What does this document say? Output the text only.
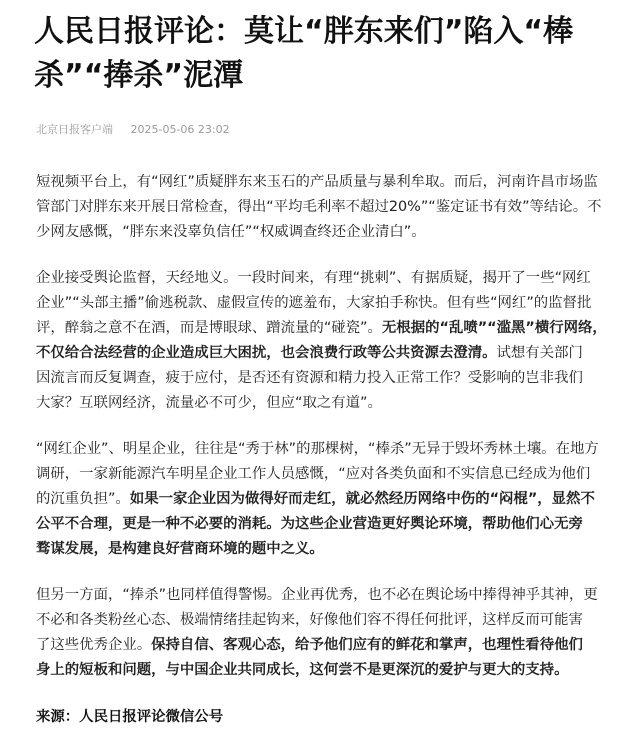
人民日报评论：莫让“胖东来们”陷入“棒
杀”“捧杀”泥潭
北京日报客户端 2025-05-06 23:02
短视频平台上，有“网红”质疑胖东来玉石的产品质量与暴利牟取。而后，河南许昌市场监
管部门对胖东来开展日常检查，得出“平均毛利率不超过20%”“鉴定证书有效”等结论。不
少网友感慨，“胖东来没辜负信任”“权威调查终还企业清白”。
企业接受舆论监督，天经地义。一段时间来，有理“挑刺”、有据质疑，揭开了一些“网红
企业”“头部主播”偷逃税款、虚假宣传的遮羞布，大家拍手称快。但有些“网红”的监督批
评，醉翁之意不在酒，而是博眼球、蹭流量的“碰瓷”。无根据的“乱喷”“滥黑”横行网络，
不仅给合法经营的企业造成巨大困扰，也会浪费行政等公共资源去澄清。试想有关部门
因流言而反复调查，疲于应付，是否还有资源和精力投入正常工作？受影响的岂非我们
大家？互联网经济，流量必不可少，但应“取之有道”。
“网红企业”、明星企业，往往是“秀于林”的那棵树，“棒杀”无异于毁坏秀林土壤。在地方
调研，一家新能源汽车明星企业工作人员感慨，“应对各类负面和不实信息已经成为他们
的沉重负担”。如果一家企业因为做得好而走红，就必然经历网络中伤的“闷棍”，显然不
公平不合理，更是一种不必要的消耗。为这些企业营造更好舆论环境，帮助他们心无旁
骛谋发展，是构建良好营商环境的题中之义。
但另一方面，“捧杀”也同样值得警惕。企业再优秀，也不必在舆论场中捧得神乎其神，更
不必和各类粉丝心态、极端情绪挂起钩来，好像他们容不得任何批评，这样反而可能害
了这些优秀企业。保持自信、客观心态，给予他们应有的鲜花和掌声，也理性看待他们
身上的短板和问题，与中国企业共同成长，这何尝不是更深沉的爱护与更大的支持。
来源：人民日报评论微信公号
